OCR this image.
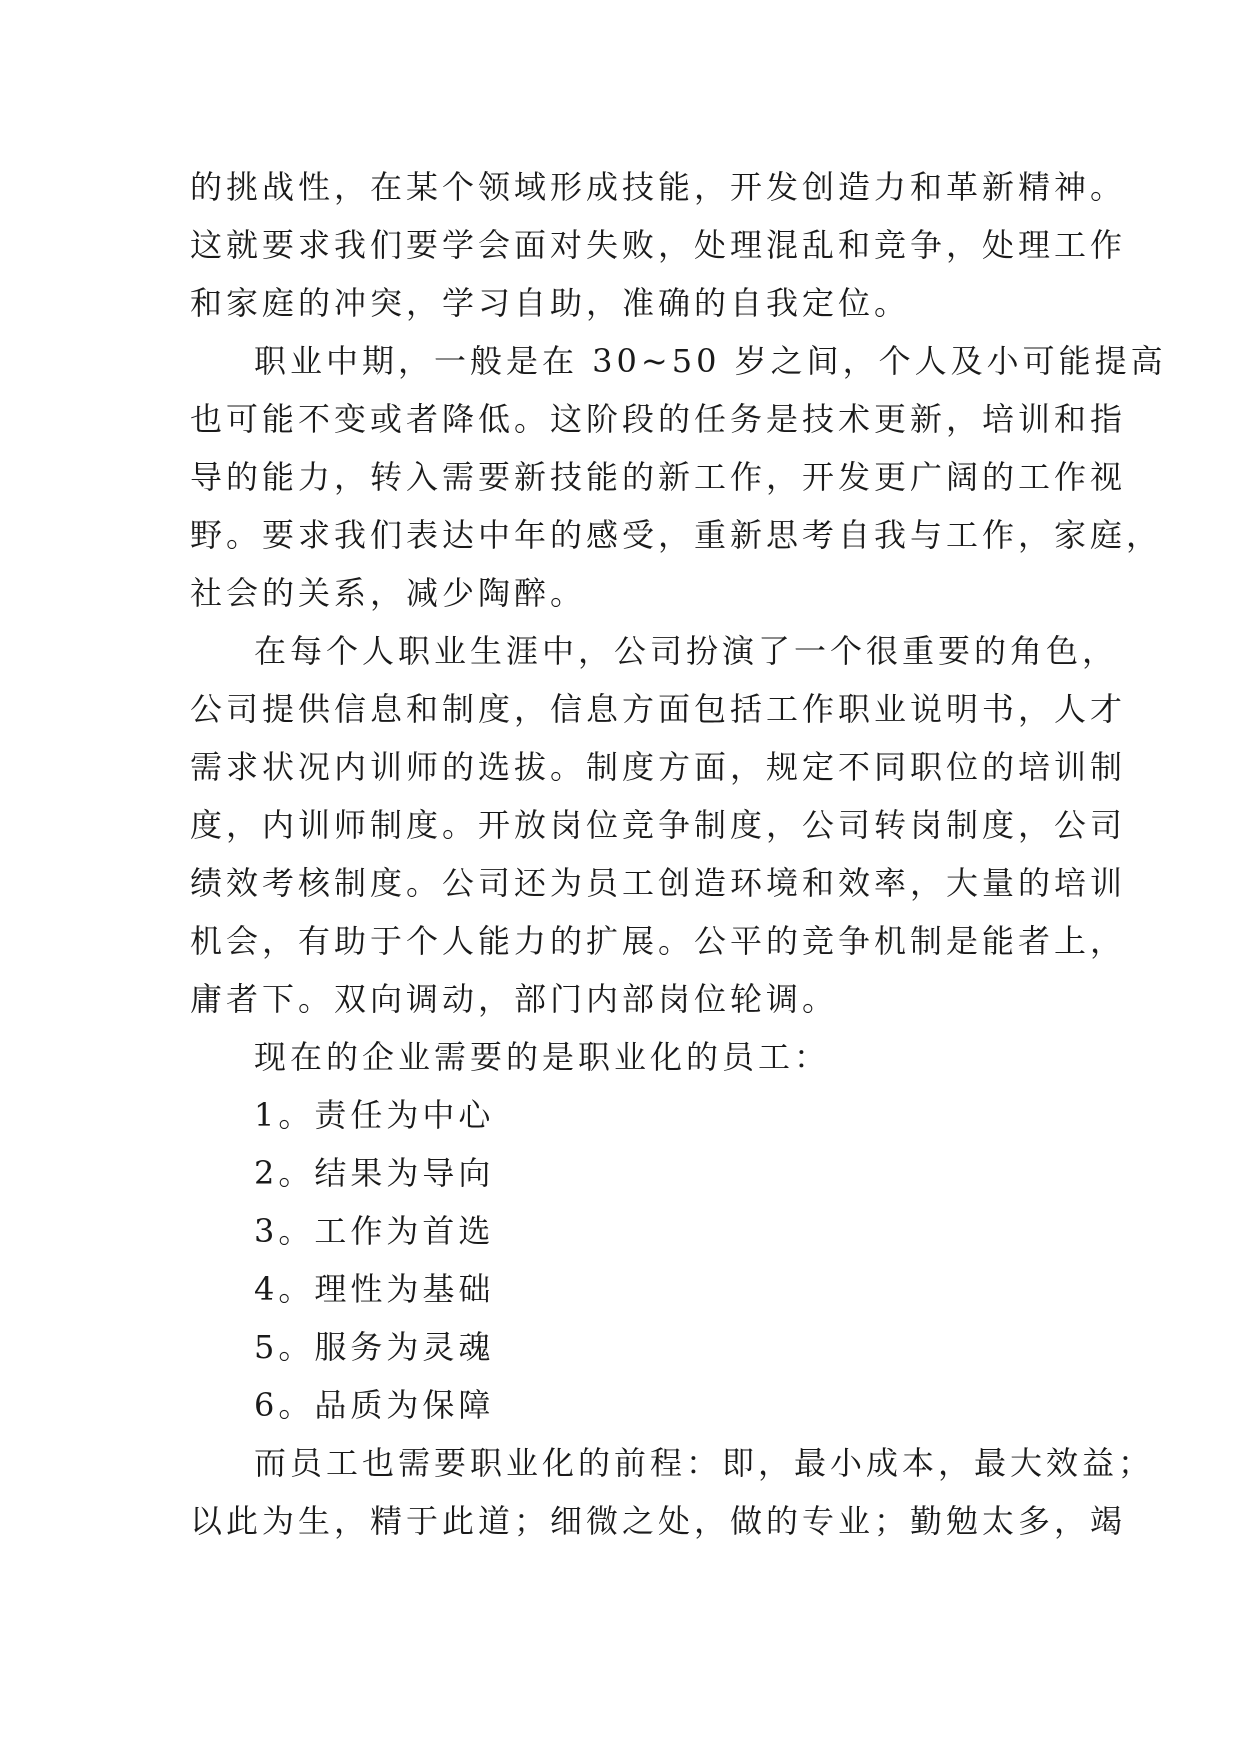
的挑战性，在某个领域形成技能，开发创造力和革新精神。
这就要求我们要学会面对失败，处理混乱和竞争，处理工作
和家庭的冲突，学习自助，准确的自我定位。
职业中期，一般是在 30~50 岁之间，个人及小可能提高
也可能不变或者降低。这阶段的任务是技术更新，培训和指
导的能力，转入需要新技能的新工作，开发更广阔的工作视
野。要求我们表达中年的感受，重新思考自我与工作，家庭，
社会的关系，减少陶醉。
在每个人职业生涯中，公司扮演了一个很重要的角色，
公司提供信息和制度，信息方面包括工作职业说明书，人才
需求状况内训师的选拔。制度方面，规定不同职位的培训制
度，内训师制度。开放岗位竞争制度，公司转岗制度，公司
绩效考核制度。公司还为员工创造环境和效率，大量的培训
机会，有助于个人能力的扩展。公平的竞争机制是能者上，
庸者下。双向调动，部门内部岗位轮调。
现在的企业需要的是职业化的员工：
1。责任为中心
2。结果为导向
3。工作为首选
4。理性为基础
5。服务为灵魂
6。品质为保障
而员工也需要职业化的前程：即，最小成本，最大效益；
以此为生，精于此道；细微之处，做的专业；勤勉太多，竭
